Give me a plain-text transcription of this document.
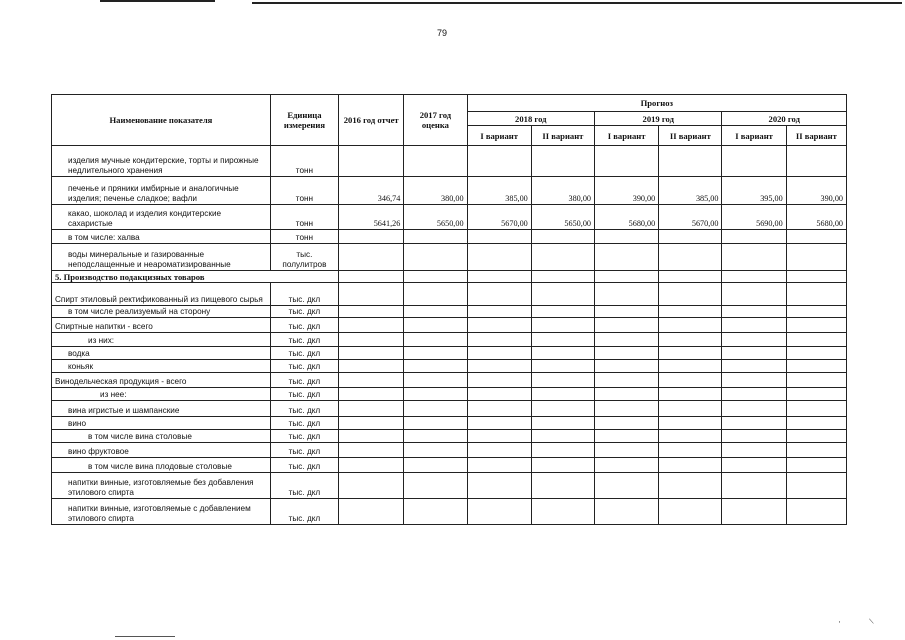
79
Наименование показателя	Единица измерения	2016 год отчет	2017 год оценка	Прогноз					
				2018 год		2019 год		2020 год	
				I вариант	II вариант	I вариант	II вариант	I вариант	II вариант
изделия мучные кондитерские, торты и пирожные недлительного хранения	тонн								
печенье и пряники имбирные и аналогичные изделия; печенье сладкое; вафли	тонн	346,74	380,00	385,00	380,00	390,00	385,00	395,00	390,00
какао, шоколад и изделия кондитерские сахаристые	тонн	5641,26	5650,00	5670,00	5650,00	5680,00	5670,00	5690,00	5680,00
в том числе: халва	тонн								
воды минеральные и газированные неподслащенные и неароматизированные	тыс. полулитров								
5. Производство подакцизных товаров									
Спирт этиловый ректификованный из пищевого сырья	тыс. дкл								
в том числе реализуемый на сторону	тыс. дкл								
Спиртные напитки - всего	тыс. дкл								
из них:	тыс. дкл								
водка	тыс. дкл								
коньяк	тыс. дкл								
Винодельческая продукция - всего	тыс. дкл								
из нее:	тыс. дкл								
вина игристые и шампанские	тыс. дкл								
вино	тыс. дкл								
в том числе вина столовые	тыс. дкл								
вино фруктовое	тыс. дкл								
в том числе вина плодовые столовые	тыс. дкл								
напитки винные, изготовляемые без добавления этилового спирта	тыс. дкл								
напитки винные, изготовляемые с добавлением этилового спирта	тыс. дкл								
·	/
